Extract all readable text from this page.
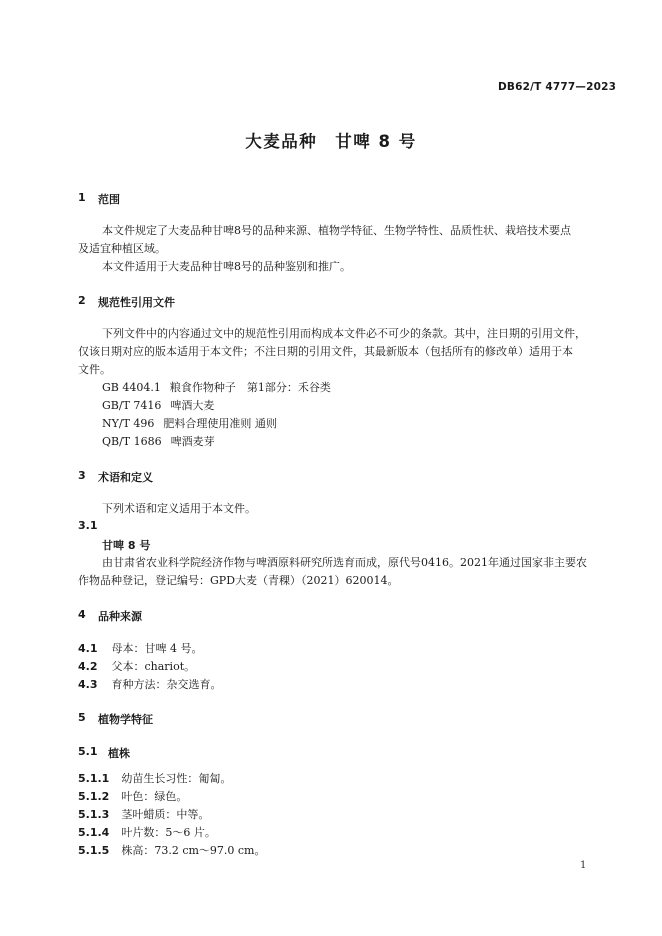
DB62/T 4777—2023
大麦品种　甘啤 8 号
1 范围
本文件规定了大麦品种甘啤8号的品种来源、植物学特征、生物学特性、品质性状、栽培技术要点
及适宜种植区域。
本文件适用于大麦品种甘啤8号的品种鉴别和推广。
2 规范性引用文件
下列文件中的内容通过文中的规范性引用而构成本文件必不可少的条款。其中，注日期的引用文件，
仅该日期对应的版本适用于本文件；不注日期的引用文件，其最新版本（包括所有的修改单）适用于本
文件。
GB 4404.1 粮食作物种子　第1部分：禾谷类
GB/T 7416 啤酒大麦
NY/T 496 肥料合理使用准则 通则
QB/T 1686 啤酒麦芽
3 术语和定义
下列术语和定义适用于本文件。
3.1
甘啤 8 号
由甘肃省农业科学院经济作物与啤酒原料研究所选育而成，原代号0416。2021年通过国家非主要农
作物品种登记，登记编号：GPD大麦（青稞）（2021）620014。
4 品种来源
4.1 母本：甘啤 4 号。
4.2 父本：chariot。
4.3 育种方法：杂交选育。
5 植物学特征
5.1 植株
5.1.1 幼苗生长习性：匍匐。
5.1.2 叶色：绿色。
5.1.3 茎叶蜡质：中等。
5.1.4 叶片数：5～6 片。
5.1.5 株高：73.2 cm～97.0 cm。
1
